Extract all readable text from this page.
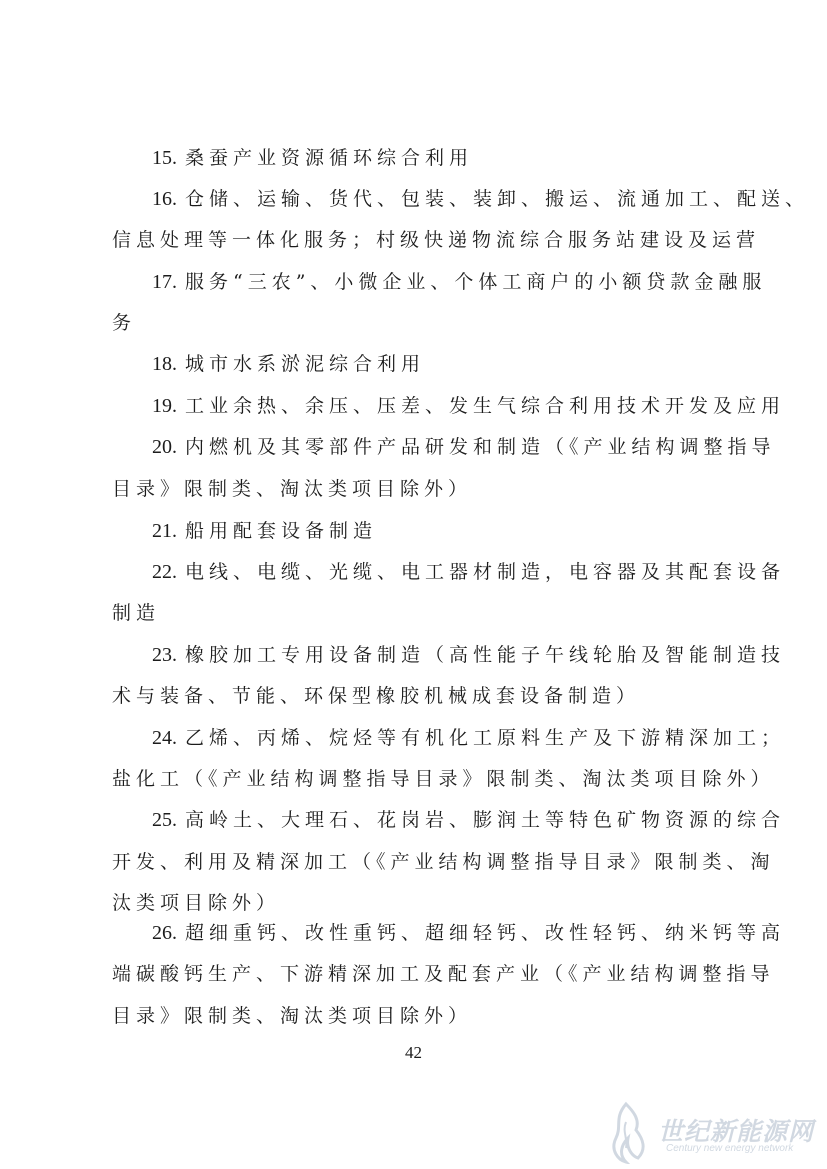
15. 桑蚕产业资源循环综合利用
16. 仓储、运输、货代、包装、装卸、搬运、流通加工、配送、
信息处理等一体化服务；村级快递物流综合服务站建设及运营
17. 服务“三农”、小微企业、个体工商户的小额贷款金融服
务
18. 城市水系淤泥综合利用
19. 工业余热、余压、压差、发生气综合利用技术开发及应用
20. 内燃机及其零部件产品研发和制造（《产业结构调整指导
目录》限制类、淘汰类项目除外）
21. 船用配套设备制造
22. 电线、电缆、光缆、电工器材制造，电容器及其配套设备
制造
23. 橡胶加工专用设备制造（高性能子午线轮胎及智能制造技
术与装备、节能、环保型橡胶机械成套设备制造）
24. 乙烯、丙烯、烷烃等有机化工原料生产及下游精深加工；
盐化工（《产业结构调整指导目录》限制类、淘汰类项目除外）
25. 高岭土、大理石、花岗岩、膨润土等特色矿物资源的综合
开发、利用及精深加工（《产业结构调整指导目录》限制类、淘
汰类项目除外）
26. 超细重钙、改性重钙、超细轻钙、改性轻钙、纳米钙等高
端碳酸钙生产、下游精深加工及配套产业（《产业结构调整指导
目录》限制类、淘汰类项目除外）
42
世纪新能源网
Century new energy network
